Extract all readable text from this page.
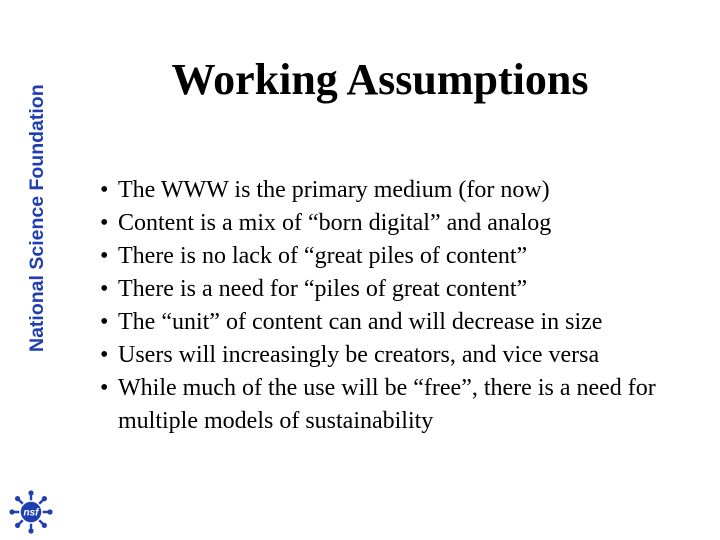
National Science Foundation
nsf
Working Assumptions
• The WWW is the primary medium (for now)
• Content is a mix of “born digital” and analog
• There is no lack of “great piles of content”
• There is a need for “piles of great content”
• The “unit” of content can and will decrease in size
• Users will increasingly be creators, and vice versa
• While much of the use will be “free”, there is a need for multiple models of sustainability
